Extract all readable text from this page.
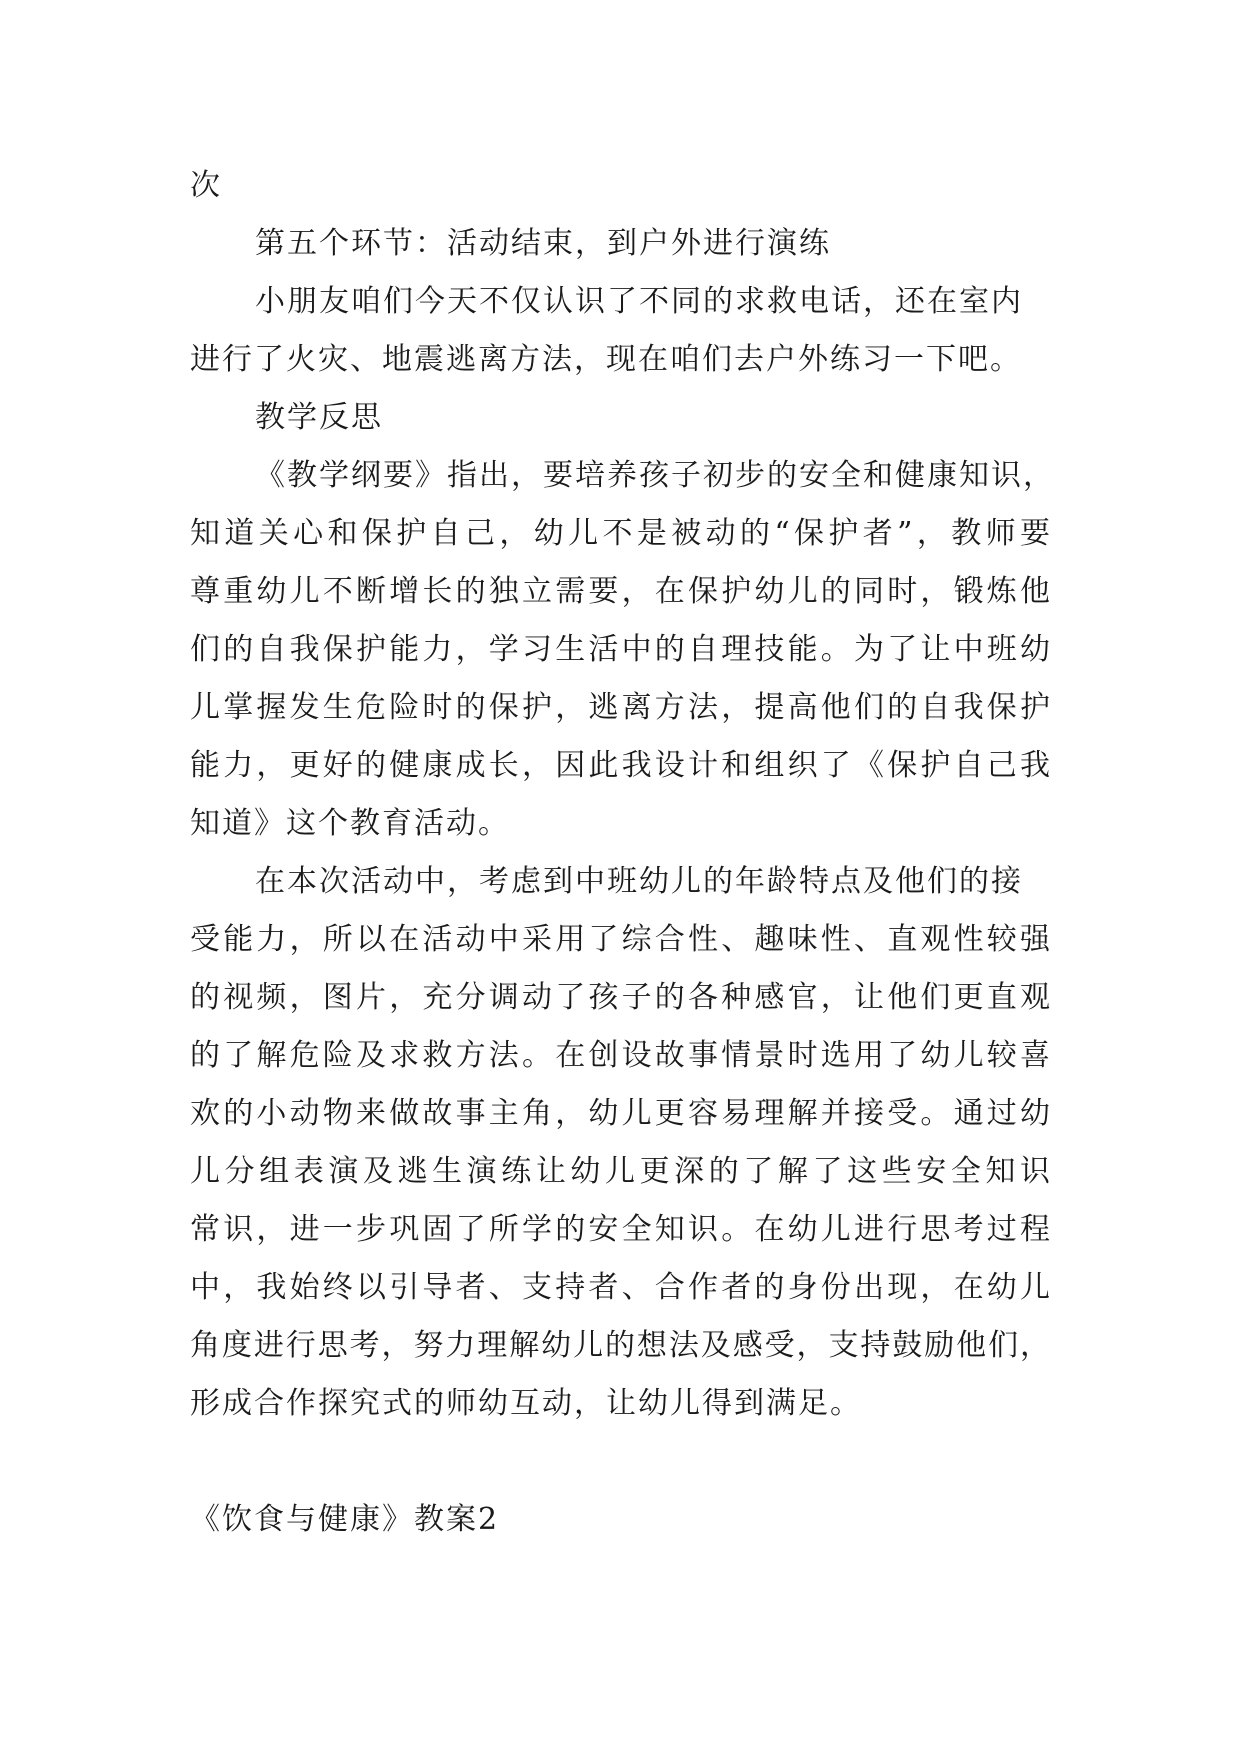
次
第五个环节：活动结束，到户外进行演练
小朋友咱们今天不仅认识了不同的求救电话，还在室内
进行了火灾、地震逃离方法，现在咱们去户外练习一下吧。
教学反思
《教学纲要》指出，要培养孩子初步的安全和健康知识，
知道关心和保护自己，幼儿不是被动的“保护者”，教师要
尊重幼儿不断增长的独立需要，在保护幼儿的同时，锻炼他
们的自我保护能力，学习生活中的自理技能。为了让中班幼
儿掌握发生危险时的保护，逃离方法，提高他们的自我保护
能力，更好的健康成长，因此我设计和组织了《保护自己我
知道》这个教育活动。
在本次活动中，考虑到中班幼儿的年龄特点及他们的接
受能力，所以在活动中采用了综合性、趣味性、直观性较强
的视频，图片，充分调动了孩子的各种感官，让他们更直观
的了解危险及求救方法。在创设故事情景时选用了幼儿较喜
欢的小动物来做故事主角，幼儿更容易理解并接受。通过幼
儿分组表演及逃生演练让幼儿更深的了解了这些安全知识
常识，进一步巩固了所学的安全知识。在幼儿进行思考过程
中，我始终以引导者、支持者、合作者的身份出现，在幼儿
角度进行思考，努力理解幼儿的想法及感受，支持鼓励他们，
形成合作探究式的师幼互动，让幼儿得到满足。
《饮食与健康》教案2
